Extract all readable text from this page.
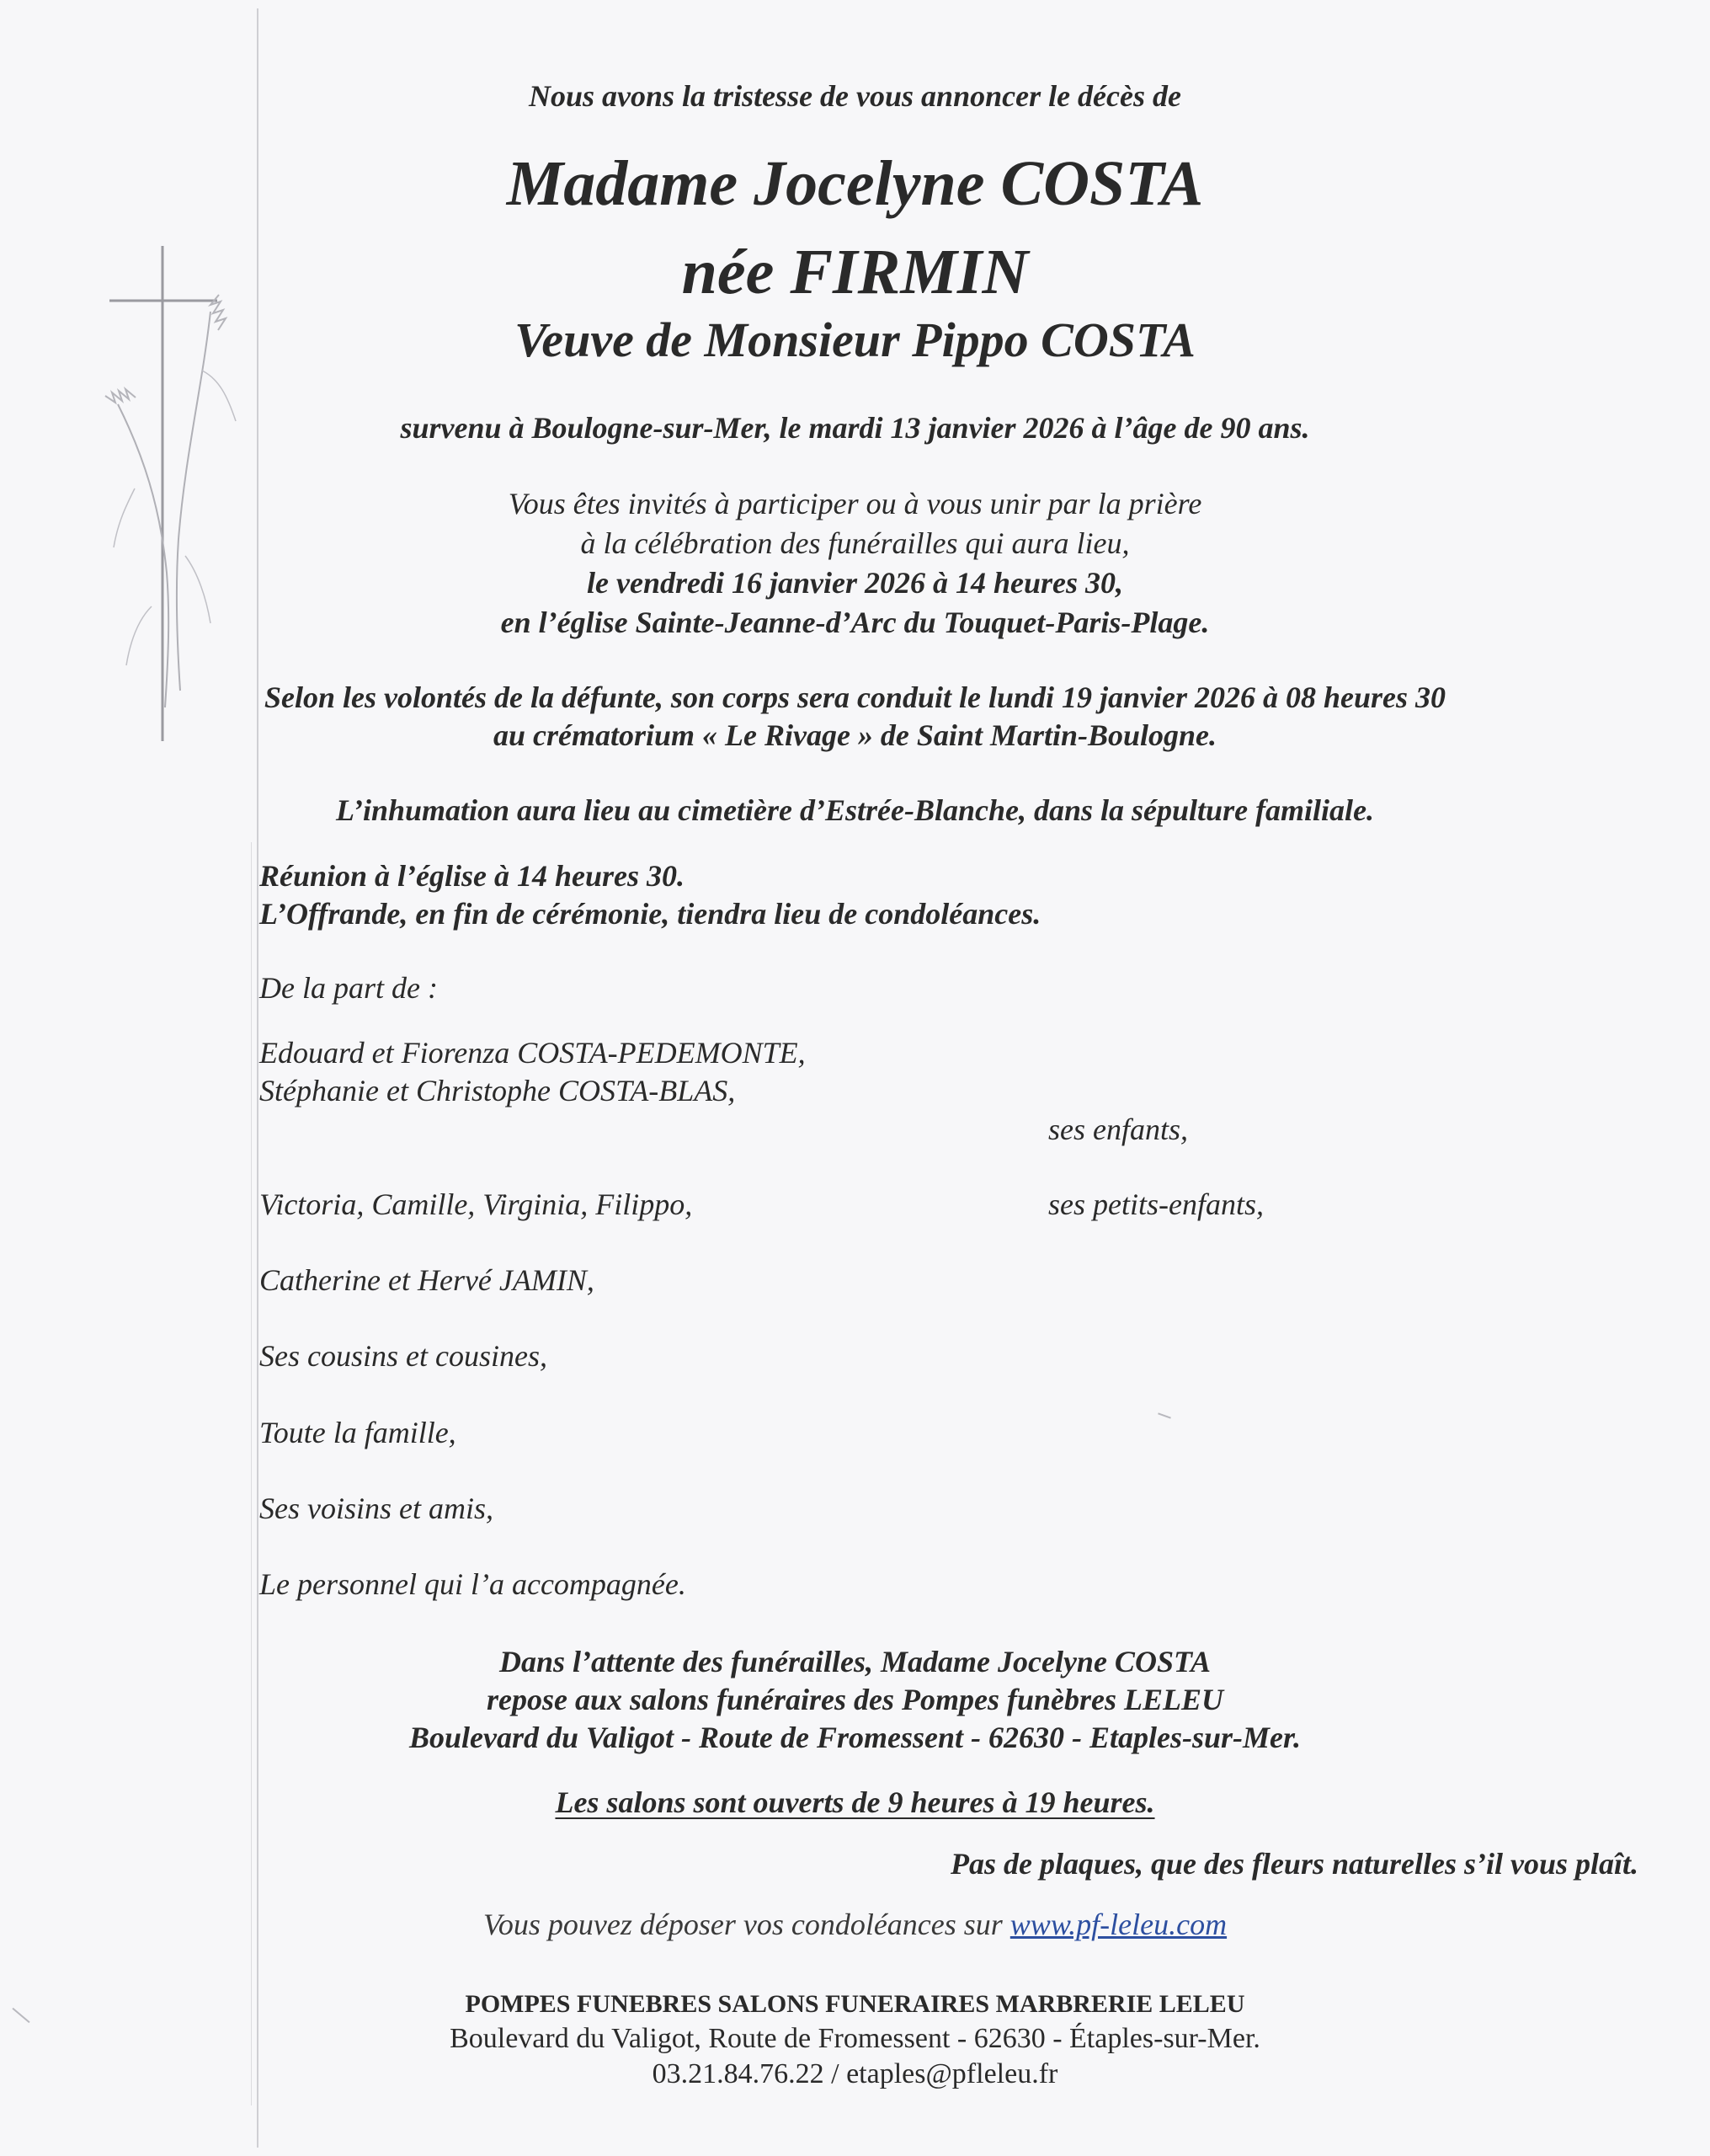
Nous avons la tristesse de vous annoncer le décès de
Madame Jocelyne COSTA
née FIRMIN
Veuve de Monsieur Pippo COSTA
survenu à Boulogne-sur-Mer, le mardi 13 janvier 2026 à l’âge de 90 ans.
Vous êtes invités à participer ou à vous unir par la prière
à la célébration des funérailles qui aura lieu,
le vendredi 16 janvier 2026 à 14 heures 30,
en l’église Sainte-Jeanne-d’Arc du Touquet-Paris-Plage.
Selon les volontés de la défunte, son corps sera conduit le lundi 19 janvier 2026 à 08 heures 30
au crématorium « Le Rivage » de Saint Martin-Boulogne.
L’inhumation aura lieu au cimetière d’Estrée-Blanche, dans la sépulture familiale.
Réunion à l’église à 14 heures 30.
L’Offrande, en fin de cérémonie, tiendra lieu de condoléances.
De la part de :
Edouard et Fiorenza COSTA-PEDEMONTE,
Stéphanie et Christophe COSTA-BLAS,
ses enfants,
Victoria, Camille, Virginia, Filippo,	ses petits-enfants,
Catherine et Hervé JAMIN,
Ses cousins et cousines,
Toute la famille,
Ses voisins et amis,
Le personnel qui l’a accompagnée.
Dans l’attente des funérailles, Madame Jocelyne COSTA
repose aux salons funéraires des Pompes funèbres LELEU
Boulevard du Valigot - Route de Fromessent - 62630 - Etaples-sur-Mer.
Les salons sont ouverts de 9 heures à 19 heures.
Pas de plaques, que des fleurs naturelles s’il vous plaît.
Vous pouvez déposer vos condoléances sur www.pf-leleu.com
POMPES FUNEBRES SALONS FUNERAIRES MARBRERIE LELEU
Boulevard du Valigot, Route de Fromessent - 62630 - Étaples-sur-Mer.
03.21.84.76.22 / etaples@pfleleu.fr
